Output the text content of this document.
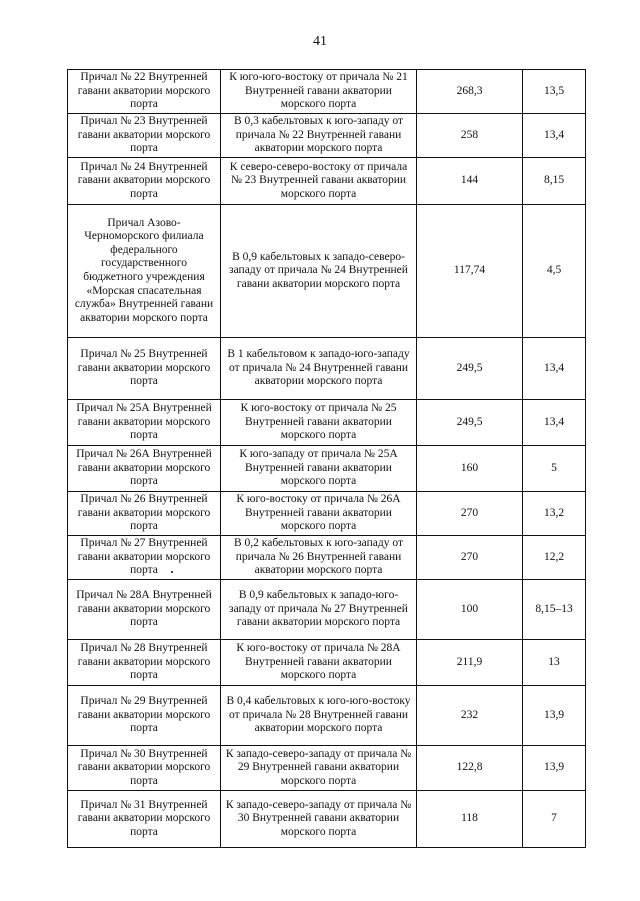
41
Причал № 22 Внутренней гавани акватории морского порта	К юго-юго-востоку от причала № 21 Внутренней гавани акватории морского порта	268,3	13,5
Причал № 23 Внутренней гавани акватории морского порта	В 0,3 кабельтовых к юго-западу от причала № 22 Внутренней гавани акватории морского порта	258	13,4
Причал № 24 Внутренней гавани акватории морского порта	К северо-северо-востоку от причала № 23 Внутренней гавани акватории морского порта	144	8,15
Причал Азово-Черноморского филиала федерального государственного бюджетного учреждения «Морская спасательная служба» Внутренней гавани акватории морского порта	В 0,9 кабельтовых к западо-северо-западу от причала № 24 Внутренней гавани акватории морского порта	117,74	4,5
Причал № 25 Внутренней гавани акватории морского порта	В 1 кабельтовом к западо-юго-западу от причала № 24 Внутренней гавани акватории морского порта	249,5	13,4
Причал № 25А Внутренней гавани акватории морского порта	К юго-востоку от причала № 25 Внутренней гавани акватории морского порта	249,5	13,4
Причал № 26А Внутренней гавани акватории морского порта	К юго-западу от причала № 25А Внутренней гавани акватории морского порта	160	5
Причал № 26 Внутренней гавани акватории морского порта	К юго-востоку от причала № 26А Внутренней гавани акватории морского порта	270	13,2
Причал № 27 Внутренней гавани акватории морского порта	В 0,2 кабельтовых к юго-западу от причала № 26 Внутренней гавани акватории морского порта	270	12,2
Причал № 28А Внутренней гавани акватории морского порта	В 0,9 кабельтовых к западо-юго-западу от причала № 27 Внутренней гавани акватории морского порта	100	8,15–13
Причал № 28 Внутренней гавани акватории морского порта	К юго-востоку от причала № 28А Внутренней гавани акватории морского порта	211,9	13
Причал № 29 Внутренней гавани акватории морского порта	В 0,4 кабельтовых к юго-юго-востоку от причала № 28 Внутренней гавани акватории морского порта	232	13,9
Причал № 30 Внутренней гавани акватории морского порта	К западо-северо-западу от причала № 29 Внутренней гавани акватории морского порта	122,8	13,9
Причал № 31 Внутренней гавани акватории морского порта	К западо-северо-западу от причала № 30 Внутренней гавани акватории морского порта	118	7
